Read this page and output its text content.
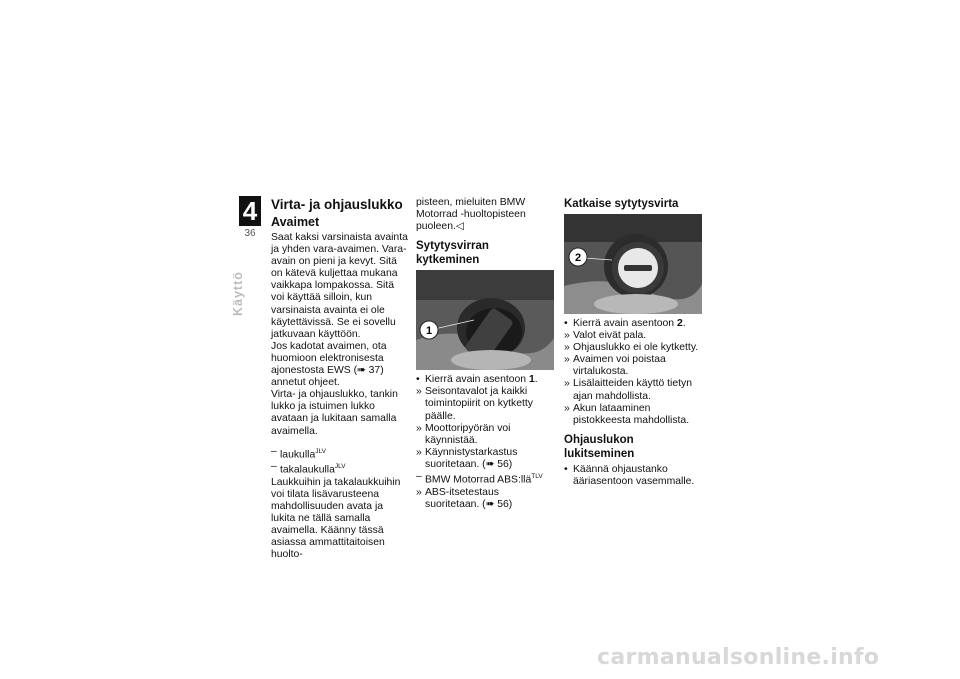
4
36
Käyttö
Virta- ja ohjauslukko
Avaimet

Saat kaksi varsinaista avainta ja yhden vara-avaimen. Vara-avain on pieni ja kevyt. Sitä on kätevä kuljettaa mukana vaikkapa lompakossa. Sitä voi käyttää silloin, kun varsinaista avainta ei ole käytettävissä. Se ei sovellu jatkuvaan käyttöön.

Jos kadotat avaimen, ota huomioon elektronisesta ajonestosta EWS (➠ 37) annetut ohjeet.

Virta- ja ohjauslukko, tankin lukko ja istuimen lukko avataan ja lukitaan samalla avaimella.

– laukulla$^{JLV}$
– takalaukulla$^{JLV}$

Laukkuihin ja takalaukkuihin voi tilata lisävarusteena mahdollisuuden avata ja lukita ne tällä samalla avaimella. Käänny tässä asiassa ammattitaitoisen huolto-

pisteen, mieluiten BMW Motorrad -huoltopisteen puoleen.◁

Sytytysvirran kytkeminen
1
• Kierrä avain asentoon 1.
» Seisontavalot ja kaikki toimintopiirit on kytketty päälle.
» Moottoripyörän voi käynnistää.
» Käynnistystarkastus suoritetaan. (➠ 56)
– BMW Motorrad ABS:llä$^{TLV}$
» ABS-itsetestaus suoritetaan. (➠ 56)
Katkaise sytytysvirta
2
• Kierrä avain asentoon 2.
» Valot eivät pala.
» Ohjauslukko ei ole kytketty.
» Avaimen voi poistaa virtalukosta.
» Lisälaitteiden käyttö tietyn ajan mahdollista.
» Akun lataaminen pistokkeesta mahdollista.
Ohjauslukon lukitseminen
• Käännä ohjaustanko ääriasentoon vasemmalle.
carmanualsonline.info
